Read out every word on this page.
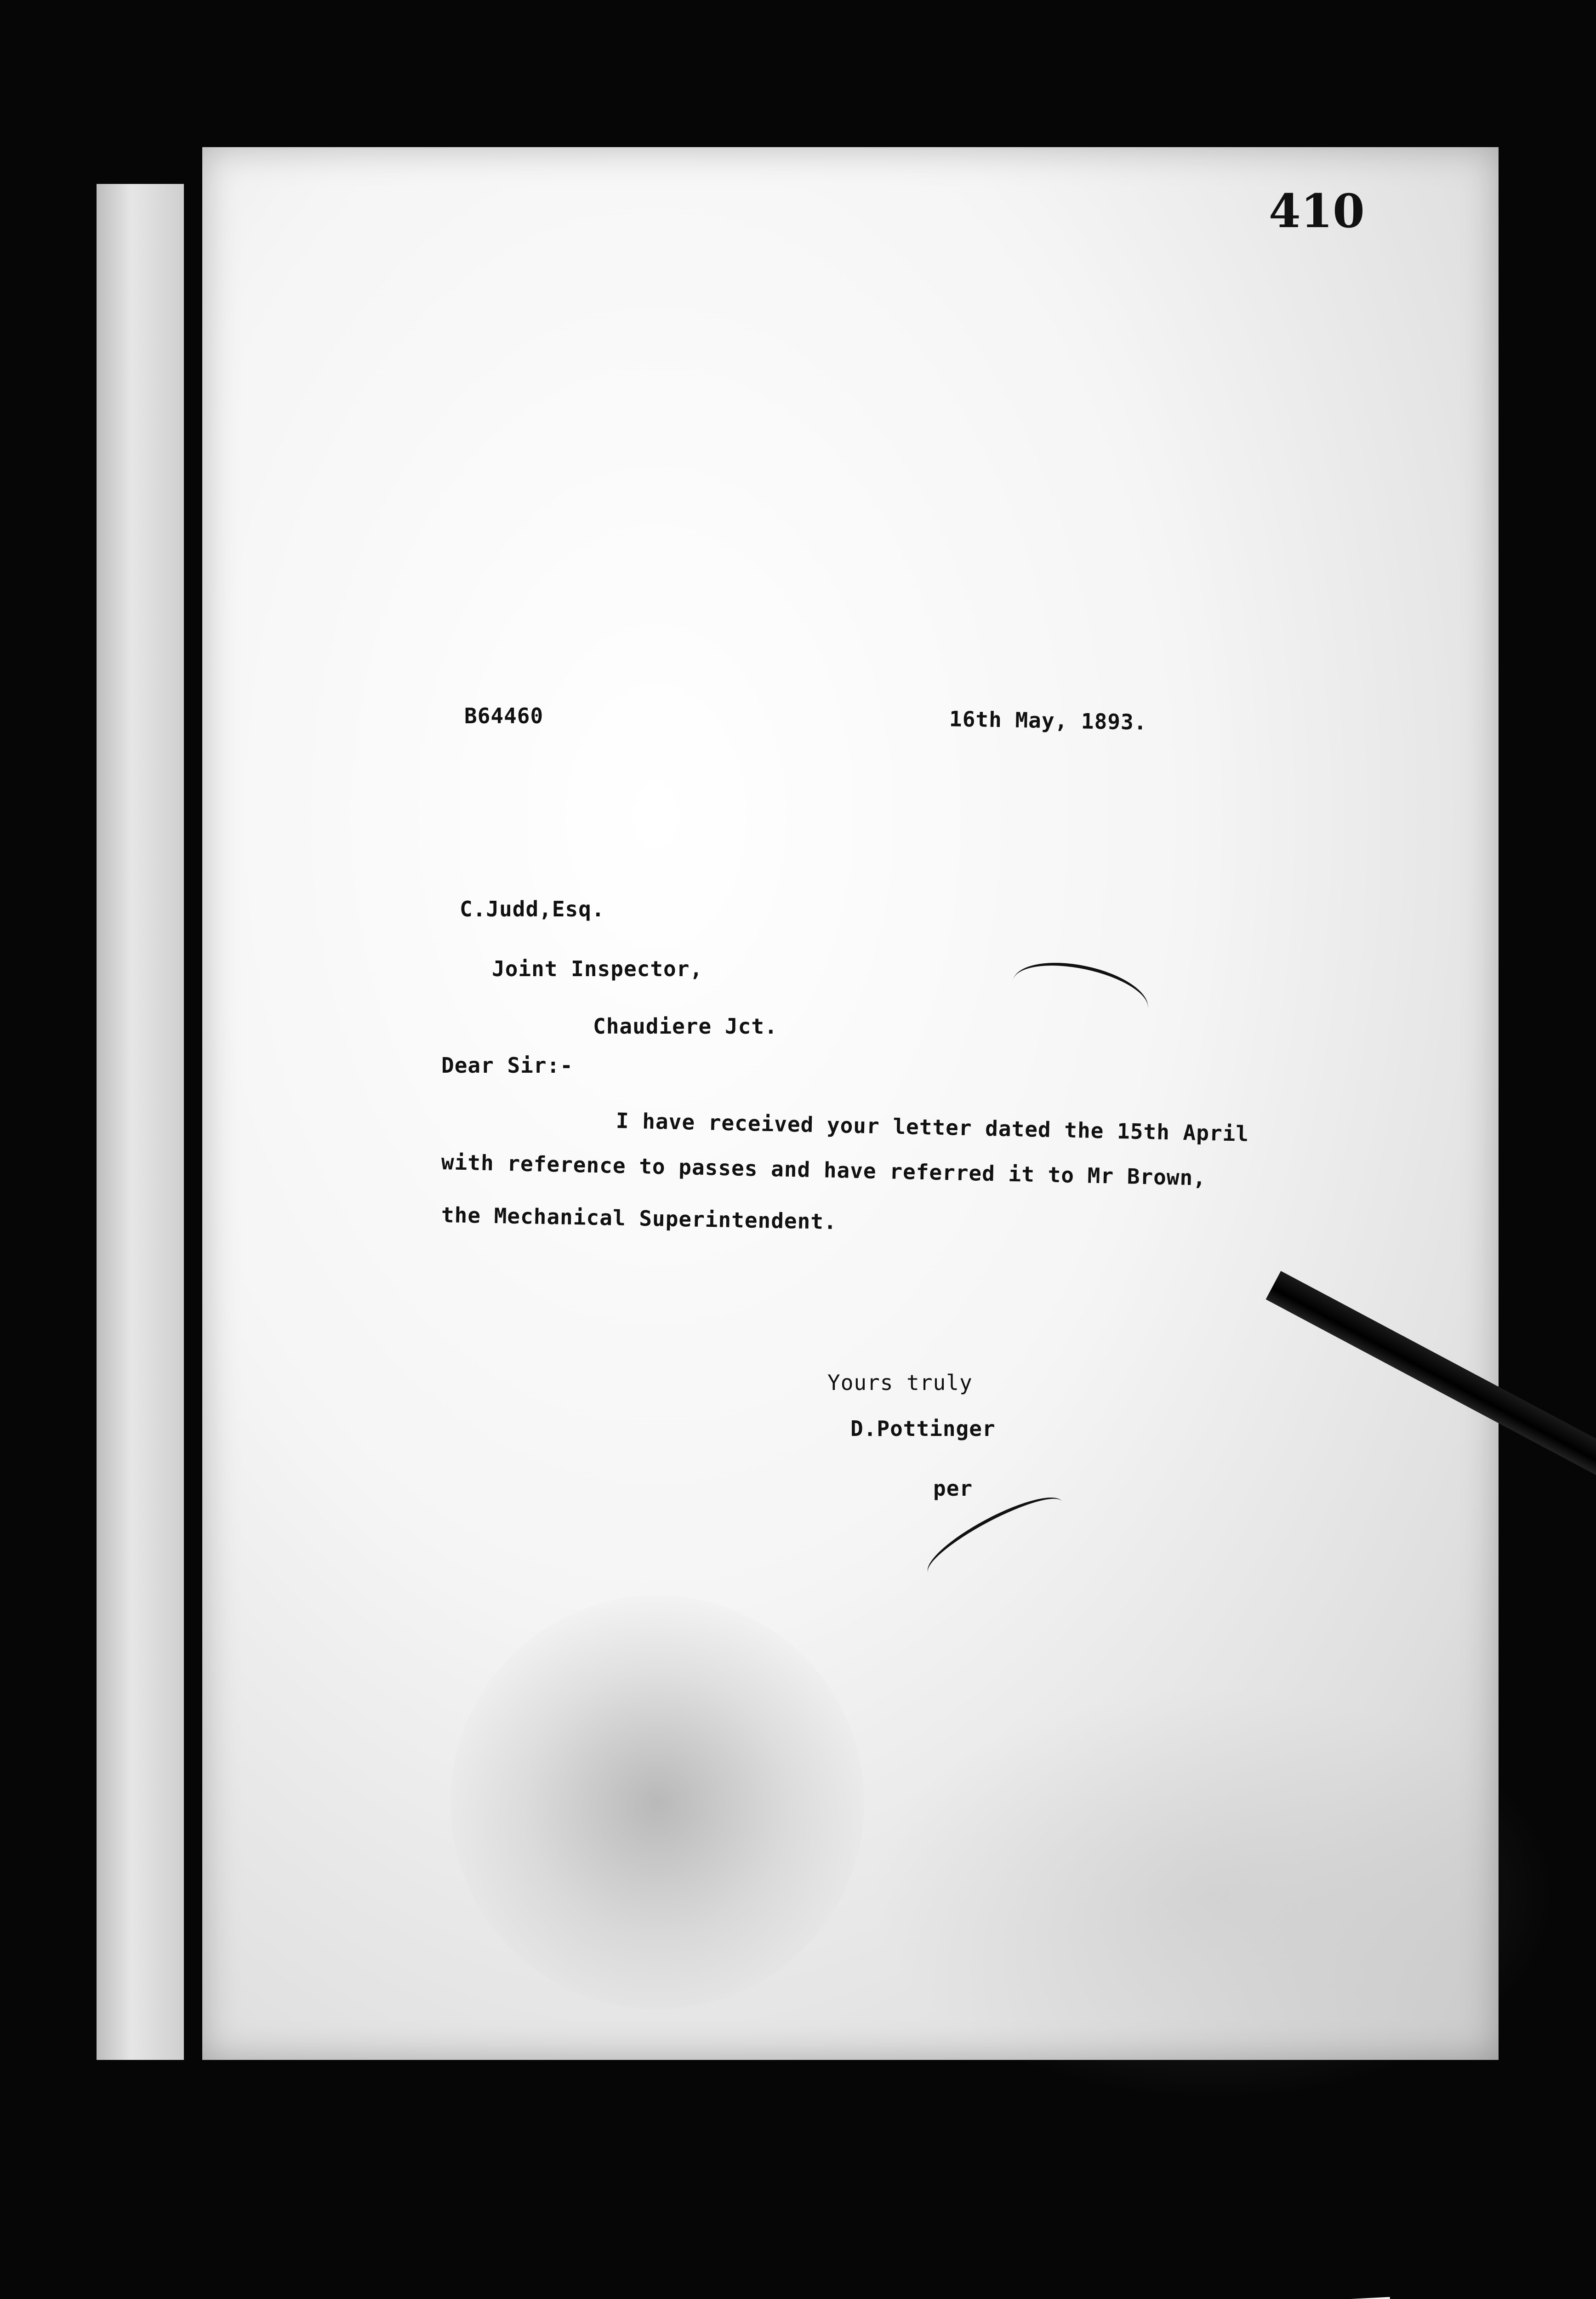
410
B64460	16th May, 1893.
C.Judd,Esq.
Joint Inspector,
Chaudiere Jct.
Dear Sir:-
I have received your letter dated the 15th April
with reference to passes and have referred it to Mr Brown,
the Mechanical Superintendent.
Yours truly
D.Pottinger
per
